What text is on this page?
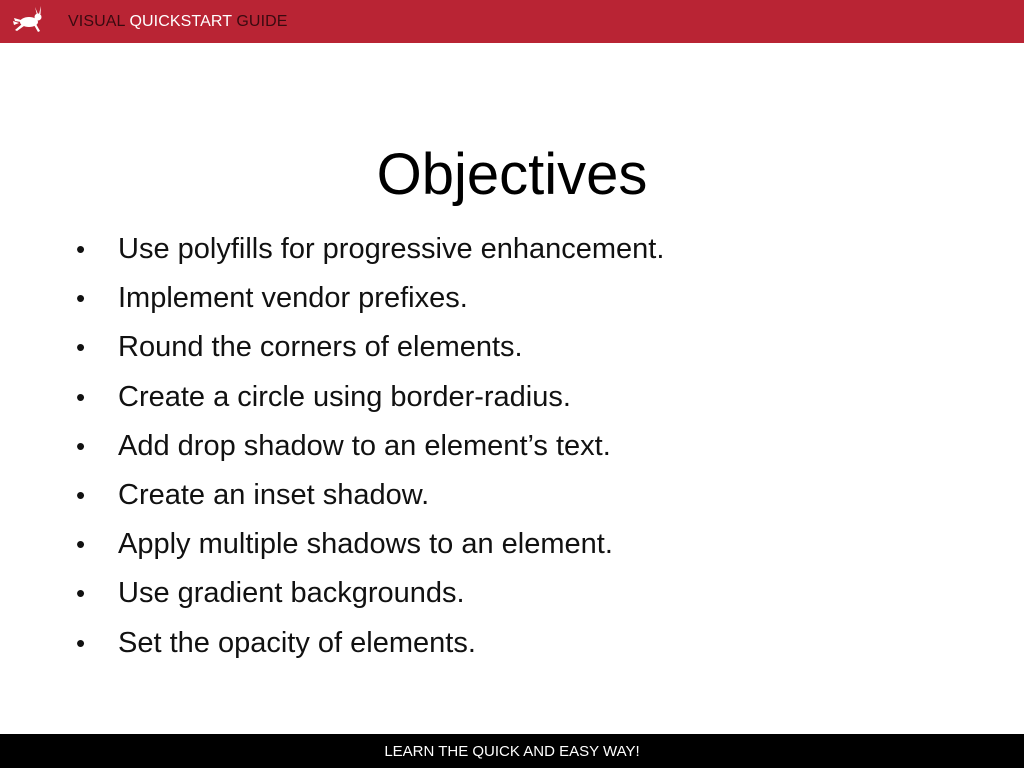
VISUAL QUICKSTART GUIDE
Objectives
• Use polyfills for progressive enhancement.
• Implement vendor prefixes.
• Round the corners of elements.
• Create a circle using border-radius.
• Add drop shadow to an element’s text.
• Create an inset shadow.
• Apply multiple shadows to an element.
• Use gradient backgrounds.
• Set the opacity of elements.
LEARN THE QUICK AND EASY WAY!
